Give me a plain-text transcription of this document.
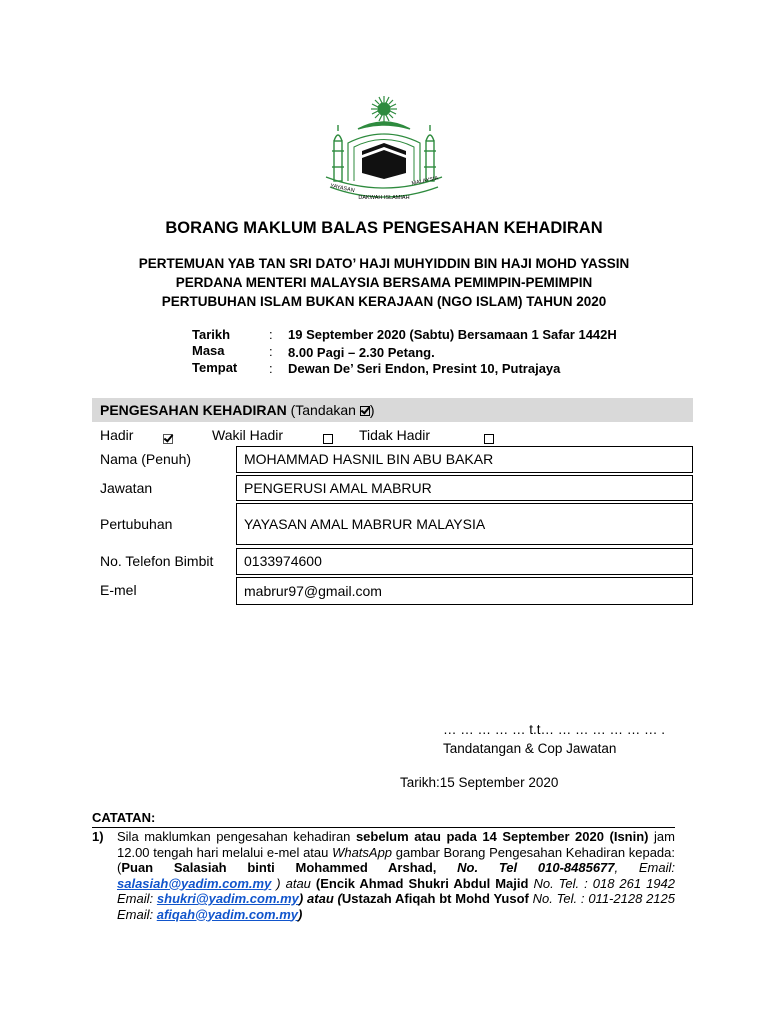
YAYASAN
MALAYSIA
DAKWAH ISLAMIAH
BORANG MAKLUM BALAS PENGESAHAN KEHADIRAN
PERTEMUAN YAB TAN SRI DATO’ HAJI MUHYIDDIN BIN HAJI MOHD YASSIN
PERDANA MENTERI MALAYSIA BERSAMA PEMIMPIN-PEMIMPIN
PERTUBUHAN ISLAM BUKAN KERAJAAN (NGO ISLAM) TAHUN 2020
Tarikh	: 19 September 2020 (Sabtu) Bersamaan 1 Safar 1442H
Masa	: 8.00 Pagi – 2.30 Petang.
Tempat : Dewan De’ Seri Endon, Presint 10, Putrajaya
PENGESAHAN KEHADIRAN (Tandakan )
Hadir
	Wakil Hadir
	Tidak Hadir
Nama (Penuh)	MOHAMMAD HASNIL BIN ABU BAKAR
Jawatan	PENGERUSI AMAL MABRUR
Pertubuhan	YAYASAN AMAL MABRUR MALAYSIA
No. Telefon Bimbit	0133974600
E-mel	mabrur97@gmail.com
… … … … … t.t… … … … … … … .
Tandatangan & Cop Jawatan
Tarikh:15 September 2020
CATATAN:
1) Sila maklumkan pengesahan kehadiran sebelum atau pada 14 September 2020 (Isnin) jam 12.00 tengah hari melalui e-mel atau WhatsApp gambar Borang Pengesahan Kehadiran kepada: (Puan Salasiah binti Mohammed Arshad, No. Tel 010-8485677, Email: salasiah@yadim.com.my ) atau (Encik Ahmad Shukri Abdul Majid No. Tel. : 018 261 1942 Email: shukri@yadim.com.my) atau (Ustazah Afiqah bt Mohd Yusof No. Tel. : 011-2128 2125 Email: afiqah@yadim.com.my)
